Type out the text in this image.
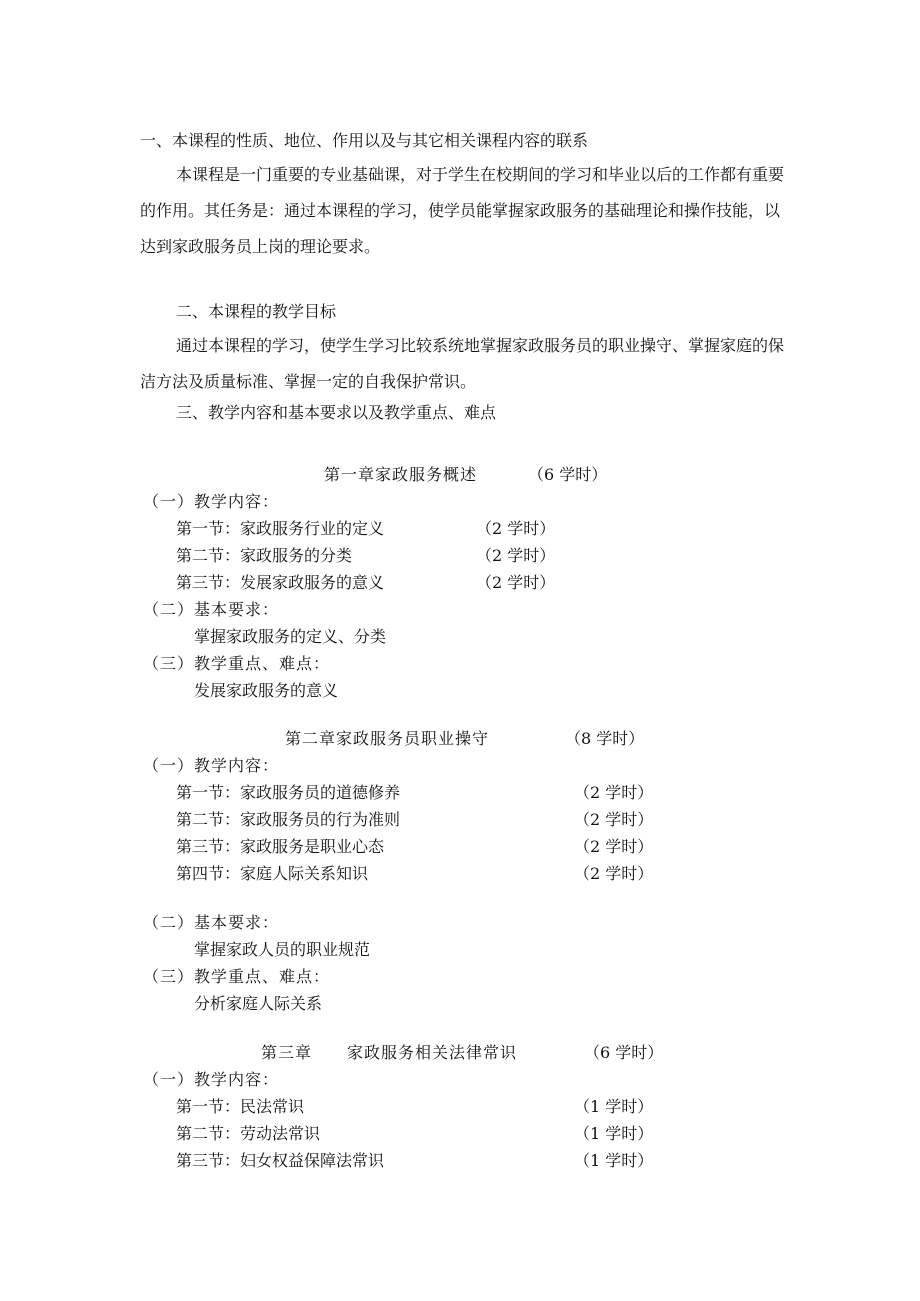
一、本课程的性质、地位、作用以及与其它相关课程内容的联系

本课程是一门重要的专业基础课，对于学生在校期间的学习和毕业以后的工作都有重要的作用。其任务是：通过本课程的学习，使学员能掌握家政服务的基础理论和操作技能，以达到家政服务员上岗的理论要求。

二、本课程的教学目标

通过本课程的学习，使学生学习比较系统地掌握家政服务员的职业操守、掌握家庭的保洁方法及质量标准、掌握一定的自我保护常识。

三、教学内容和基本要求以及教学重点、难点
第一章家政服务概述	（6 学时）
（一）教学内容：
第一节：家政服务行业的定义	（2 学时）
第二节：家政服务的分类	（2 学时）
第三节：发展家政服务的意义	（2 学时）
（二）基本要求：
掌握家政服务的定义、分类
（三）教学重点、难点：
发展家政服务的意义
第二章家政服务员职业操守	（8 学时）
（一）教学内容：
第一节：家政服务员的道德修养	（2 学时）
第二节：家政服务员的行为准则	（2 学时）
第三节：家政服务是职业心态	（2 学时）
第四节：家庭人际关系知识	（2 学时）
（二）基本要求：
掌握家政人员的职业规范
（三）教学重点、难点：
分析家庭人际关系
第三章 家政服务相关法律常识	（6 学时）
（一）教学内容：
第一节：民法常识	（1 学时）
第二节：劳动法常识	（1 学时）
第三节：妇女权益保障法常识	（1 学时）
